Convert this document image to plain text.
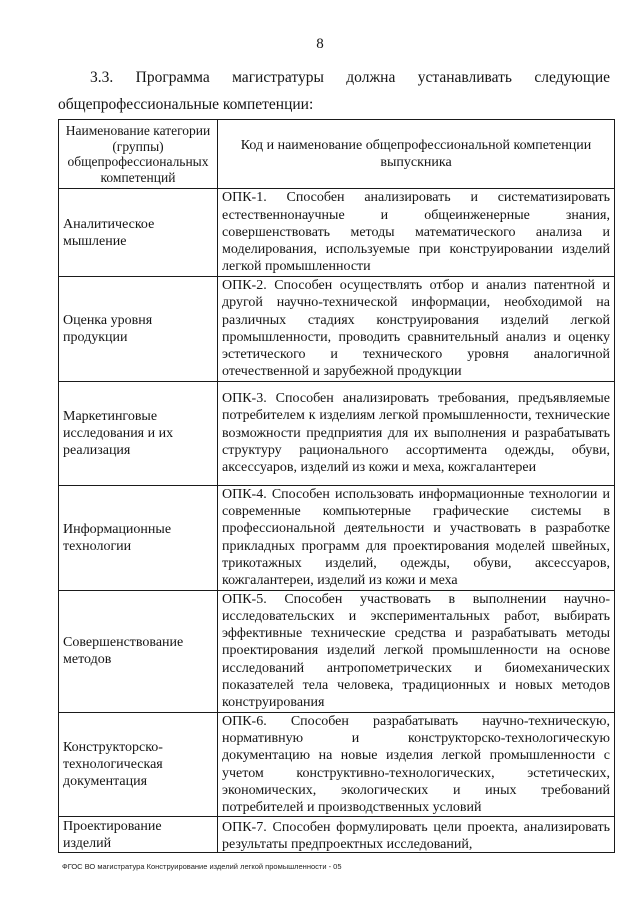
8
3.3. Программа магистратуры должна устанавливать следующие
общепрофессиональные компетенции:
Наименование категории (группы) общепрофессиональных компетенций	Код и наименование общепрофессиональной компетенции выпускника
Аналитическое мышление	ОПК-1. Способен анализировать и систематизировать естественнонаучные и общеинженерные знания, совершенствовать методы математического анализа и моделирования, используемые при конструировании изделий легкой промышленности
Оценка уровня продукции	ОПК-2. Способен осуществлять отбор и анализ патентной и другой научно-технической информации, необходимой на различных стадиях конструирования изделий легкой промышленности, проводить сравнительный анализ и оценку эстетического и технического уровня аналогичной отечественной и зарубежной продукции
Маркетинговые исследования и их реализация	ОПК-3. Способен анализировать требования, предъявляемые потребителем к изделиям легкой промышленности, технические возможности предприятия для их выполнения и разрабатывать структуру рационального ассортимента одежды, обуви, аксессуаров, изделий из кожи и меха, кожгалантереи
Информационные технологии	ОПК-4. Способен использовать информационные технологии и современные компьютерные графические системы в профессиональной деятельности и участвовать в разработке прикладных программ для проектирования моделей швейных, трикотажных изделий, одежды, обуви, аксессуаров, кожгалантереи, изделий из кожи и меха
Совершенствование методов	ОПК-5. Способен участвовать в выполнении научно-исследовательских и экспериментальных работ, выбирать эффективные технические средства и разрабатывать методы проектирования изделий легкой промышленности на основе исследований антропометрических и биомеханических показателей тела человека, традиционных и новых методов конструирования
Конструкторско-технологическая документация	ОПК-6. Способен разрабатывать научно-техническую, нормативную и конструкторско-технологическую документацию на новые изделия легкой промышленности с учетом конструктивно-технологических, эстетических, экономических, экологических и иных требований потребителей и производственных условий
Проектирование изделий	ОПК-7. Способен формулировать цели проекта, анализировать результаты предпроектных исследований,
ФГОС ВО магистратура Конструирование изделий легкой промышленности - 05
